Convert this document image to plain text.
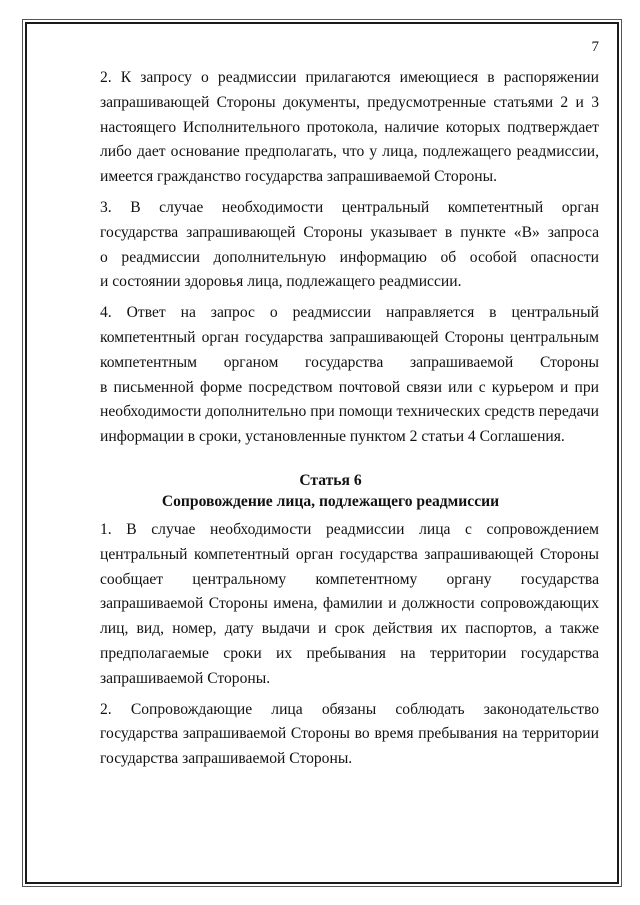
7
2. К запросу о реадмиссии прилагаются имеющиеся в распоряжении
запрашивающей Стороны документы, предусмотренные статьями 2 и 3
настоящего Исполнительного протокола, наличие которых подтверждает
либо дает основание предполагать, что у лица, подлежащего реадмиссии,
имеется гражданство государства запрашиваемой Стороны.
3. В случае необходимости центральный компетентный орган
государства запрашивающей Стороны указывает в пункте «В» запроса
о реадмиссии дополнительную информацию об особой опасности
и состоянии здоровья лица, подлежащего реадмиссии.
4. Ответ на запрос о реадмиссии направляется в центральный
компетентный орган государства запрашивающей Стороны центральным
компетентным органом государства запрашиваемой Стороны
в письменной форме посредством почтовой связи или с курьером и при
необходимости дополнительно при помощи технических средств передачи
информации в сроки, установленные пунктом 2 статьи 4 Соглашения.
Статья 6
Сопровождение лица, подлежащего реадмиссии
1. В случае необходимости реадмиссии лица с сопровождением
центральный компетентный орган государства запрашивающей Стороны
сообщает центральному компетентному органу государства
запрашиваемой Стороны имена, фамилии и должности сопровождающих
лиц, вид, номер, дату выдачи и срок действия их паспортов, а также
предполагаемые сроки их пребывания на территории государства
запрашиваемой Стороны.
2. Сопровождающие лица обязаны соблюдать законодательство
государства запрашиваемой Стороны во время пребывания на территории
государства запрашиваемой Стороны.
